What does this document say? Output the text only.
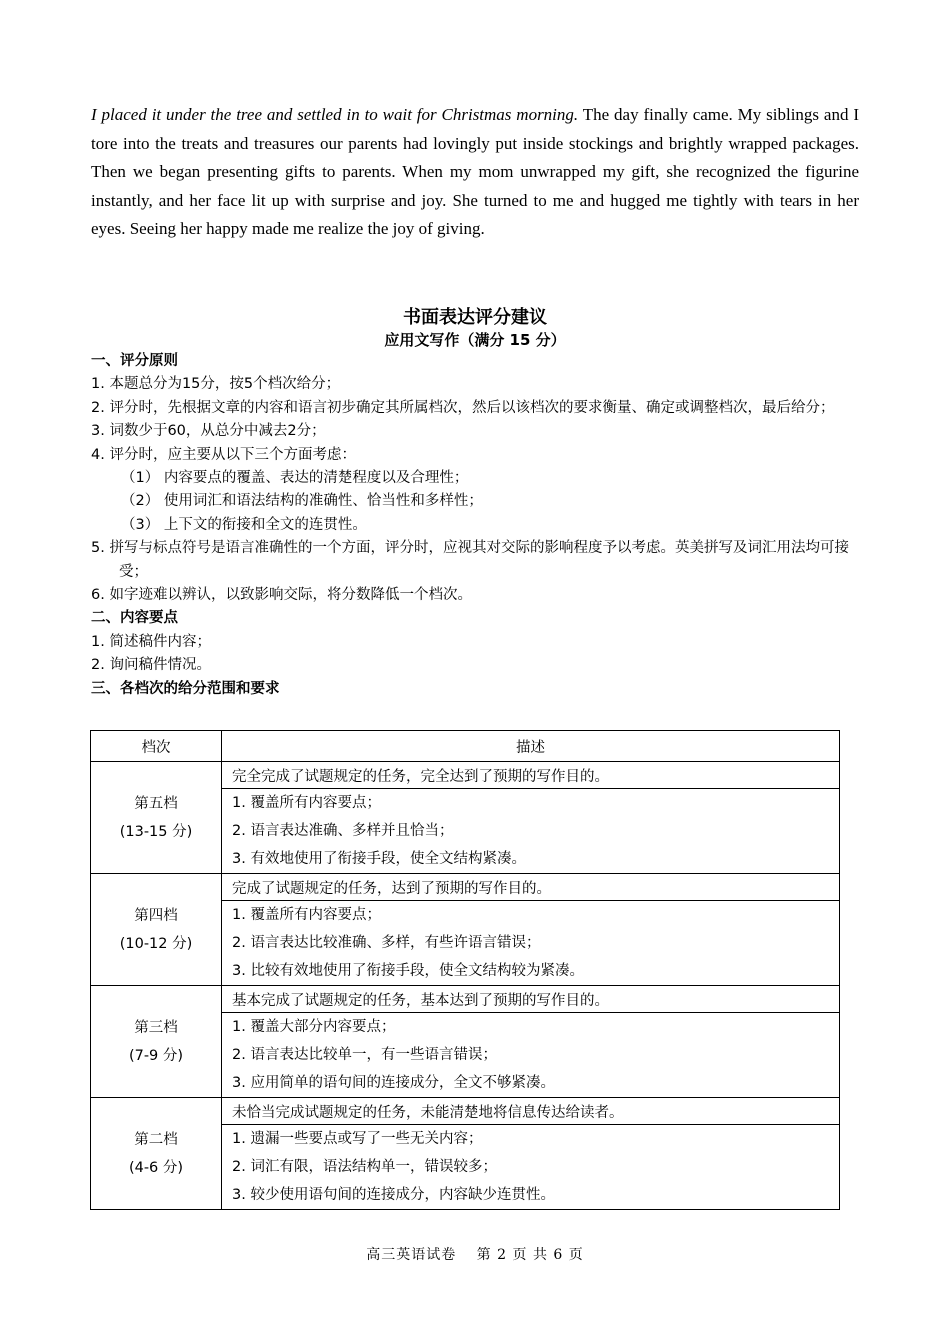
I placed it under the tree and settled in to wait for Christmas morning. The day finally came. My siblings and I tore into the treats and treasures our parents had lovingly put inside stockings and brightly wrapped packages. Then we began presenting gifts to parents. When my mom unwrapped my gift, she recognized the figurine instantly, and her face lit up with surprise and joy. She turned to me and hugged me tightly with tears in her eyes. Seeing her happy made me realize the joy of giving.

书面表达评分建议
应用文写作（满分 15 分）
一、评分原则
1. 本题总分为15分，按5个档次给分；
2. 评分时，先根据文章的内容和语言初步确定其所属档次，然后以该档次的要求衡量、确定或调整档次，最后给分；
3. 词数少于60，从总分中减去2分；
4. 评分时，应主要从以下三个方面考虑：
（1） 内容要点的覆盖、表达的清楚程度以及合理性；
（2） 使用词汇和语法结构的准确性、恰当性和多样性；
（3） 上下文的衔接和全文的连贯性。
5. 拼写与标点符号是语言准确性的一个方面，评分时，应视其对交际的影响程度予以考虑。英美拼写及词汇用法均可接受；
6. 如字迹难以辨认，以致影响交际，将分数降低一个档次。
二、内容要点
1. 简述稿件内容；
2. 询问稿件情况。
三、各档次的给分范围和要求
档次	描述

第五档
(13-15 分)	完全完成了试题规定的任务，完全达到了预期的写作目的。

	1. 覆盖所有内容要点；
2. 语言表达准确、多样并且恰当；
3. 有效地使用了衔接手段，使全文结构紧凑。

第四档
(10-12 分)	完成了试题规定的任务，达到了预期的写作目的。

	1. 覆盖所有内容要点；
2. 语言表达比较准确、多样，有些许语言错误；
3. 比较有效地使用了衔接手段，使全文结构较为紧凑。

第三档
(7-9 分)	基本完成了试题规定的任务，基本达到了预期的写作目的。

	1. 覆盖大部分内容要点；
2. 语言表达比较单一，有一些语言错误；
3. 应用简单的语句间的连接成分，全文不够紧凑。

第二档
(4-6 分)	未恰当完成试题规定的任务，未能清楚地将信息传达给读者。

	1. 遗漏一些要点或写了一些无关内容；
2. 词汇有限，语法结构单一，错误较多；
3. 较少使用语句间的连接成分，内容缺少连贯性。
高三英语试卷　 第 2 页 共 6 页
